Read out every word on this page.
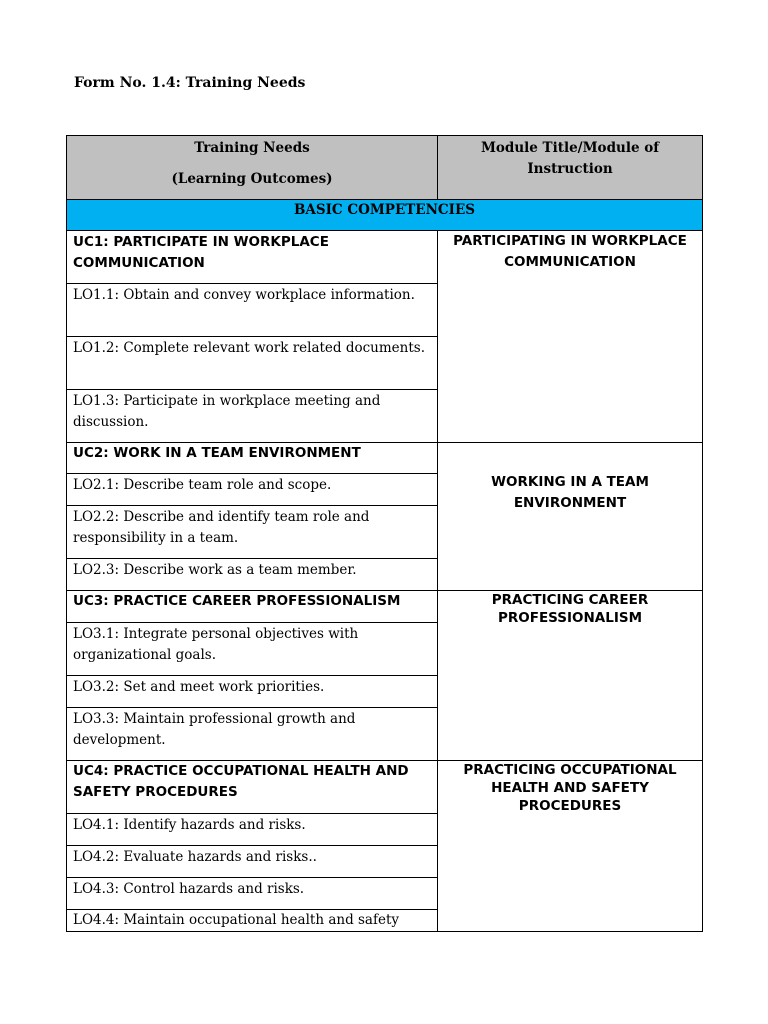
Form No. 1.4: Training Needs
Training Needs
(Learning Outcomes)	Module Title/Module of Instruction
BASIC COMPETENCIES	
UC1: PARTICIPATE IN WORKPLACE COMMUNICATION	PARTICIPATING IN WORKPLACE COMMUNICATION
LO1.1: Obtain and convey workplace information.	
LO1.2: Complete relevant work related documents.	
LO1.3: Participate in workplace meeting and discussion.	
UC2: WORK IN A TEAM ENVIRONMENT	WORKING IN A TEAM ENVIRONMENT
LO2.1: Describe team role and scope.	
LO2.2: Describe and identify team role and responsibility in a team.	
LO2.3: Describe work as a team member.	
UC3: PRACTICE CAREER PROFESSIONALISM	PRACTICING CAREER PROFESSIONALISM
LO3.1: Integrate personal objectives with organizational goals.	
LO3.2: Set and meet work priorities.	
LO3.3: Maintain professional growth and development.	
UC4: PRACTICE OCCUPATIONAL HEALTH AND SAFETY PROCEDURES	PRACTICING OCCUPATIONAL HEALTH AND SAFETY PROCEDURES
LO4.1: Identify hazards and risks.	
LO4.2: Evaluate hazards and risks..	
LO4.3: Control hazards and risks.	
LO4.4: Maintain occupational health and safety	
